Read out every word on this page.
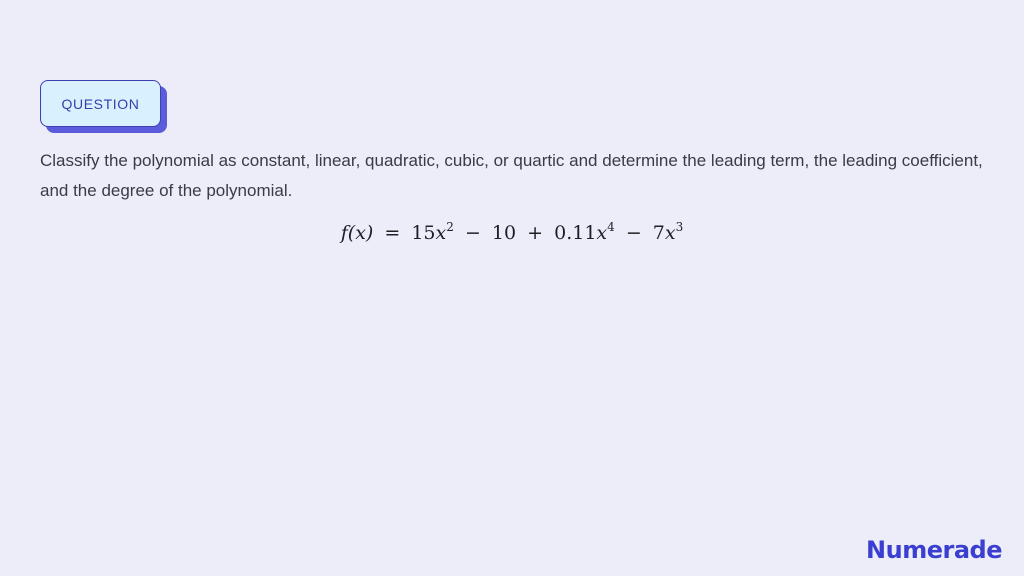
QUESTION

Classify the polynomial as constant, linear, quadratic, cubic, or quartic and determine the leading term, the leading coefficient, and the degree of the polynomial.

$f(x) = 15x^2 - 10 + 0.11x^4 - 7x^3$
Numerade
